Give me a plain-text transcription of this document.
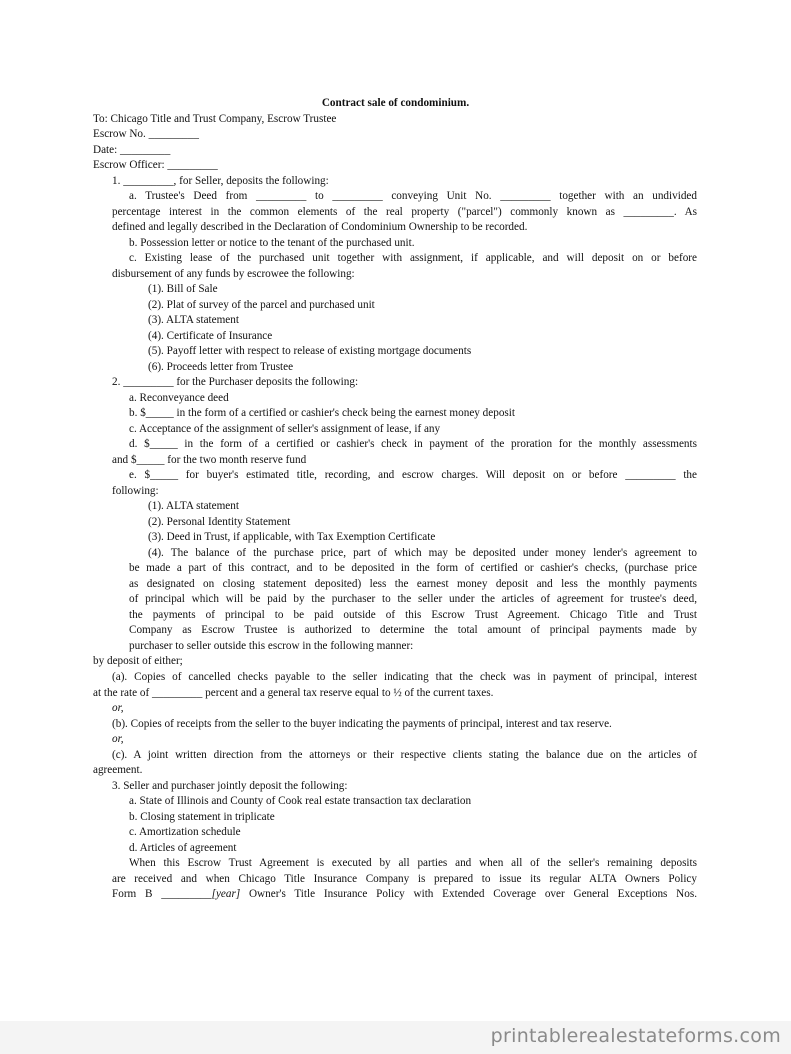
Contract sale of condominium.
To: Chicago Title and Trust Company, Escrow Trustee
Escrow No. _________
Date: _________
Escrow Officer: _________
1. _________, for Seller, deposits the following:
a. Trustee's Deed from _________ to _________ conveying Unit No. _________ together with an undivided
percentage interest in the common elements of the real property ("parcel") commonly known as _________. As
defined and legally described in the Declaration of Condominium Ownership to be recorded.
b. Possession letter or notice to the tenant of the purchased unit.
c. Existing lease of the purchased unit together with assignment, if applicable, and will deposit on or before
disbursement of any funds by escrowee the following:
(1). Bill of Sale
(2). Plat of survey of the parcel and purchased unit
(3). ALTA statement
(4). Certificate of Insurance
(5). Payoff letter with respect to release of existing mortgage documents
(6). Proceeds letter from Trustee
2. _________ for the Purchaser deposits the following:
a. Reconveyance deed
b. $_____ in the form of a certified or cashier's check being the earnest money deposit
c. Acceptance of the assignment of seller's assignment of lease, if any
d. $_____ in the form of a certified or cashier's check in payment of the proration for the monthly assessments
and $_____ for the two month reserve fund
e. $_____ for buyer's estimated title, recording, and escrow charges. Will deposit on or before _________ the
following:
(1). ALTA statement
(2). Personal Identity Statement
(3). Deed in Trust, if applicable, with Tax Exemption Certificate
(4). The balance of the purchase price, part of which may be deposited under money lender's agreement to
be made a part of this contract, and to be deposited in the form of certified or cashier's checks, (purchase price
as designated on closing statement deposited) less the earnest money deposit and less the monthly payments
of principal which will be paid by the purchaser to the seller under the articles of agreement for trustee's deed,
the payments of principal to be paid outside of this Escrow Trust Agreement. Chicago Title and Trust
Company as Escrow Trustee is authorized to determine the total amount of principal payments made by
purchaser to seller outside this escrow in the following manner:
by deposit of either;
(a). Copies of cancelled checks payable to the seller indicating that the check was in payment of principal, interest
at the rate of _________ percent and a general tax reserve equal to ½ of the current taxes.
or,
(b). Copies of receipts from the seller to the buyer indicating the payments of principal, interest and tax reserve.
or,
(c). A joint written direction from the attorneys or their respective clients stating the balance due on the articles of
agreement.
3. Seller and purchaser jointly deposit the following:
a. State of Illinois and County of Cook real estate transaction tax declaration
b. Closing statement in triplicate
c. Amortization schedule
d. Articles of agreement
When this Escrow Trust Agreement is executed by all parties and when all of the seller's remaining deposits
are received and when Chicago Title Insurance Company is prepared to issue its regular ALTA Owners Policy
Form B _________[year] Owner's Title Insurance Policy with Extended Coverage over General Exceptions Nos.
printablerealestateforms.com
